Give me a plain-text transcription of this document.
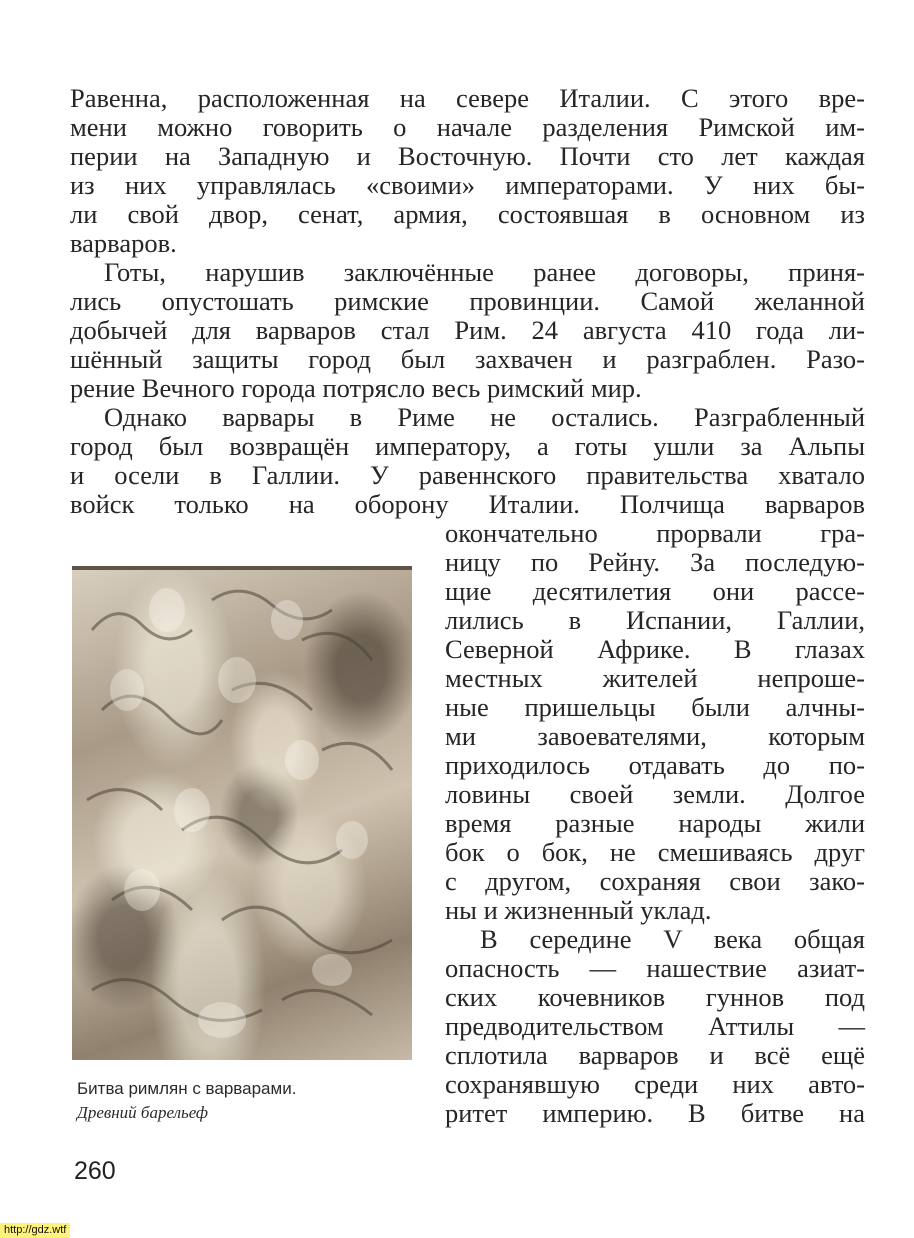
Равенна, расположенная на севере Италии. С этого вре-
мени можно говорить о начале разделения Римской им-
перии на Западную и Восточную. Почти сто лет каждая
из них управлялась «своими» императорами. У них бы-
ли свой двор, сенат, армия, состоявшая в основном из
варваров.
Готы, нарушив заключённые ранее договоры, приня-
лись опустошать римские провинции. Самой желанной
добычей для варваров стал Рим. 24 августа 410 года ли-
шённый защиты город был захвачен и разграблен. Разо-
рение Вечного города потрясло весь римский мир.
Однако варвары в Риме не остались. Разграбленный
город был возвращён императору, а готы ушли за Альпы
и осели в Галлии. У равеннского правительства хватало
войск только на оборону Италии. Полчища варваров
окончательно прорвали гра-
ницу по Рейну. За последую-
щие десятилетия они рассе-
лились в Испании, Галлии,
Северной Африке. В глазах
местных жителей непроше-
ные пришельцы были алчны-
ми завоевателями, которым
приходилось отдавать до по-
ловины своей земли. Долгое
время разные народы жили
бок о бок, не смешиваясь друг
с другом, сохраняя свои зако-
ны и жизненный уклад.
В середине V века общая
опасность — нашествие азиат-
ских кочевников гуннов под
предводительством Аттилы —
сплотила варваров и всё ещё
сохранявшую среди них авто-
ритет империю. В битве на
Битва римлян с варварами.
Древний барельеф
260
http://gdz.wtf
